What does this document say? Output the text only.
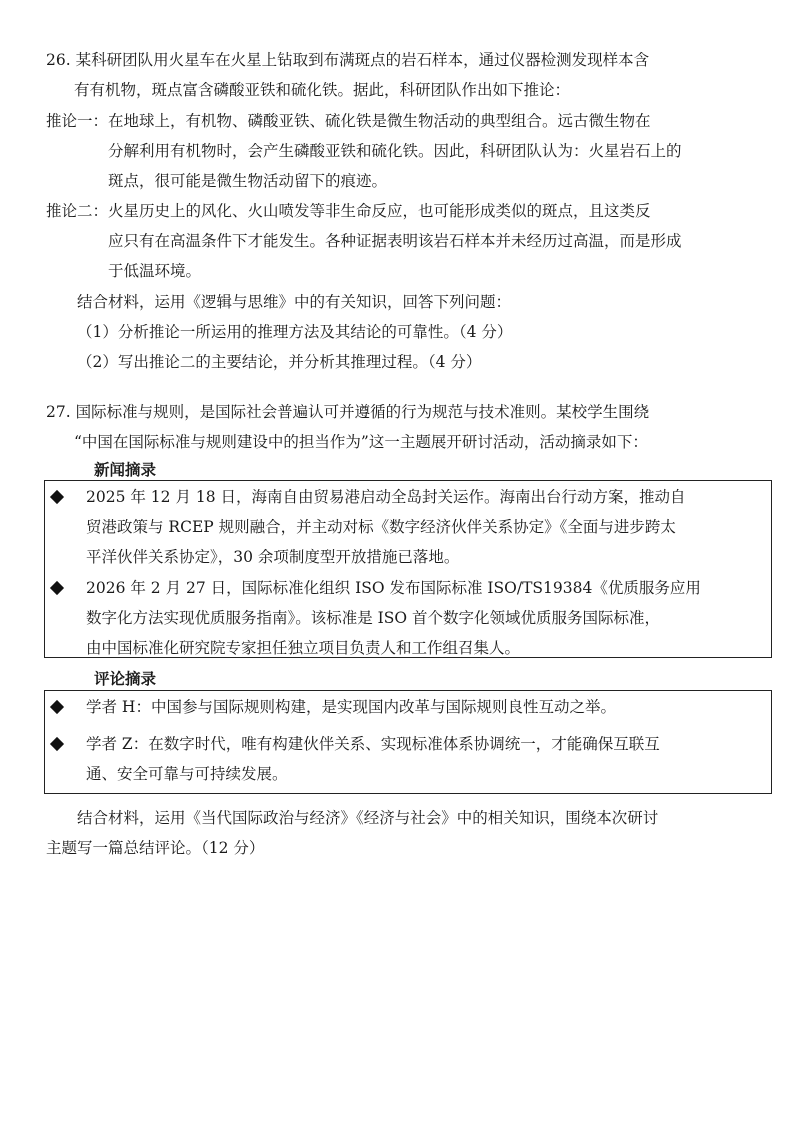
26. 某科研团队用火星车在火星上钻取到布满斑点的岩石样本，通过仪器检测发现样本含
有有机物，斑点富含磷酸亚铁和硫化铁。据此，科研团队作出如下推论：
推论一：在地球上，有机物、磷酸亚铁、硫化铁是微生物活动的典型组合。远古微生物在
分解利用有机物时，会产生磷酸亚铁和硫化铁。因此，科研团队认为：火星岩石上的
斑点，很可能是微生物活动留下的痕迹。
推论二：火星历史上的风化、火山喷发等非生命反应，也可能形成类似的斑点，且这类反
应只有在高温条件下才能发生。各种证据表明该岩石样本并未经历过高温，而是形成
于低温环境。
结合材料，运用《逻辑与思维》中的有关知识，回答下列问题：
（1）分析推论一所运用的推理方法及其结论的可靠性。（4 分）
（2）写出推论二的主要结论，并分析其推理过程。（4 分）
27. 国际标准与规则，是国际社会普遍认可并遵循的行为规范与技术准则。某校学生围绕
“中国在国际标准与规则建设中的担当作为”这一主题展开研讨活动，活动摘录如下：
新闻摘录
2025 年 12 月 18 日，海南自由贸易港启动全岛封关运作。海南出台行动方案，推动自
贸港政策与 RCEP 规则融合，并主动对标《数字经济伙伴关系协定》《全面与进步跨太
平洋伙伴关系协定》，30 余项制度型开放措施已落地。
2026 年 2 月 27 日，国际标准化组织 ISO 发布国际标准 ISO/TS19384《优质服务应用
数字化方法实现优质服务指南》。该标准是 ISO 首个数字化领域优质服务国际标准，
由中国标准化研究院专家担任独立项目负责人和工作组召集人。
评论摘录
学者 H：中国参与国际规则构建，是实现国内改革与国际规则良性互动之举。
学者 Z：在数字时代，唯有构建伙伴关系、实现标准体系协调统一，才能确保互联互
通、安全可靠与可持续发展。
结合材料，运用《当代国际政治与经济》《经济与社会》中的相关知识，围绕本次研讨
主题写一篇总结评论。（12 分）
